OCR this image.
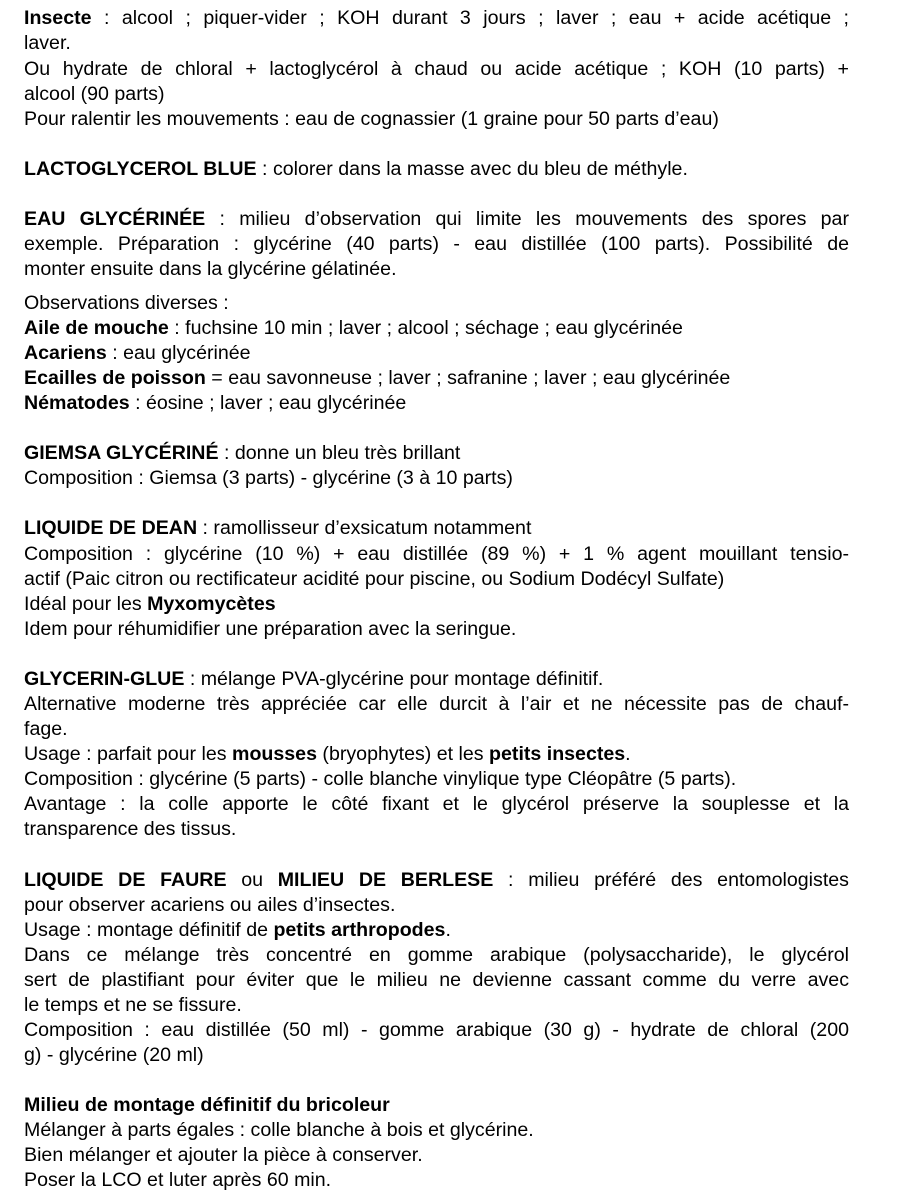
Insecte : alcool ; piquer-vider ; KOH durant 3 jours ; laver ; eau + acide acétique ;

laver.

Ou hydrate de chloral + lactoglycérol à chaud ou acide acétique ; KOH (10 parts) +

alcool (90 parts)

Pour ralentir les mouvements : eau de cognassier (1 graine pour 50 parts d’eau)

LACTOGLYCEROL BLUE : colorer dans la masse avec du bleu de méthyle.

EAU GLYCÉRINÉE : milieu d’observation qui limite les mouvements des spores par

exemple. Préparation : glycérine (40 parts) - eau distillée (100 parts). Possibilité de

monter ensuite dans la glycérine gélatinée.

Observations diverses :

Aile de mouche : fuchsine 10 min ; laver ; alcool ; séchage ; eau glycérinée

Acariens : eau glycérinée

Ecailles de poisson = eau savonneuse ; laver ; safranine ; laver ; eau glycérinée

Nématodes : éosine ; laver ; eau glycérinée

GIEMSA GLYCÉRINÉ : donne un bleu très brillant

Composition : Giemsa (3 parts) - glycérine (3 à 10 parts)

LIQUIDE DE DEAN : ramollisseur d’exsicatum notamment

Composition : glycérine (10 %) + eau distillée (89 %) + 1 % agent mouillant tensio-

actif (Paic citron ou rectificateur acidité pour piscine, ou Sodium Dodécyl Sulfate)

Idéal pour les Myxomycètes

Idem pour réhumidifier une préparation avec la seringue.

GLYCERIN-GLUE : mélange PVA-glycérine pour montage définitif.

Alternative moderne très appréciée car elle durcit à l’air et ne nécessite pas de chauf-

fage.

Usage : parfait pour les mousses (bryophytes) et les petits insectes.

Composition : glycérine (5 parts) - colle blanche vinylique type Cléopâtre (5 parts).

Avantage : la colle apporte le côté fixant et le glycérol préserve la souplesse et la

transparence des tissus.

LIQUIDE DE FAURE ou MILIEU DE BERLESE : milieu préféré des entomologistes

pour observer acariens ou ailes d’insectes.

Usage : montage définitif de petits arthropodes.

Dans ce mélange très concentré en gomme arabique (polysaccharide), le glycérol

sert de plastifiant pour éviter que le milieu ne devienne cassant comme du verre avec

le temps et ne se fissure.

Composition : eau distillée (50 ml) - gomme arabique (30 g) - hydrate de chloral (200

g) - glycérine (20 ml)

Milieu de montage définitif du bricoleur

Mélanger à parts égales : colle blanche à bois et glycérine.

Bien mélanger et ajouter la pièce à conserver.

Poser la LCO et luter après 60 min.
